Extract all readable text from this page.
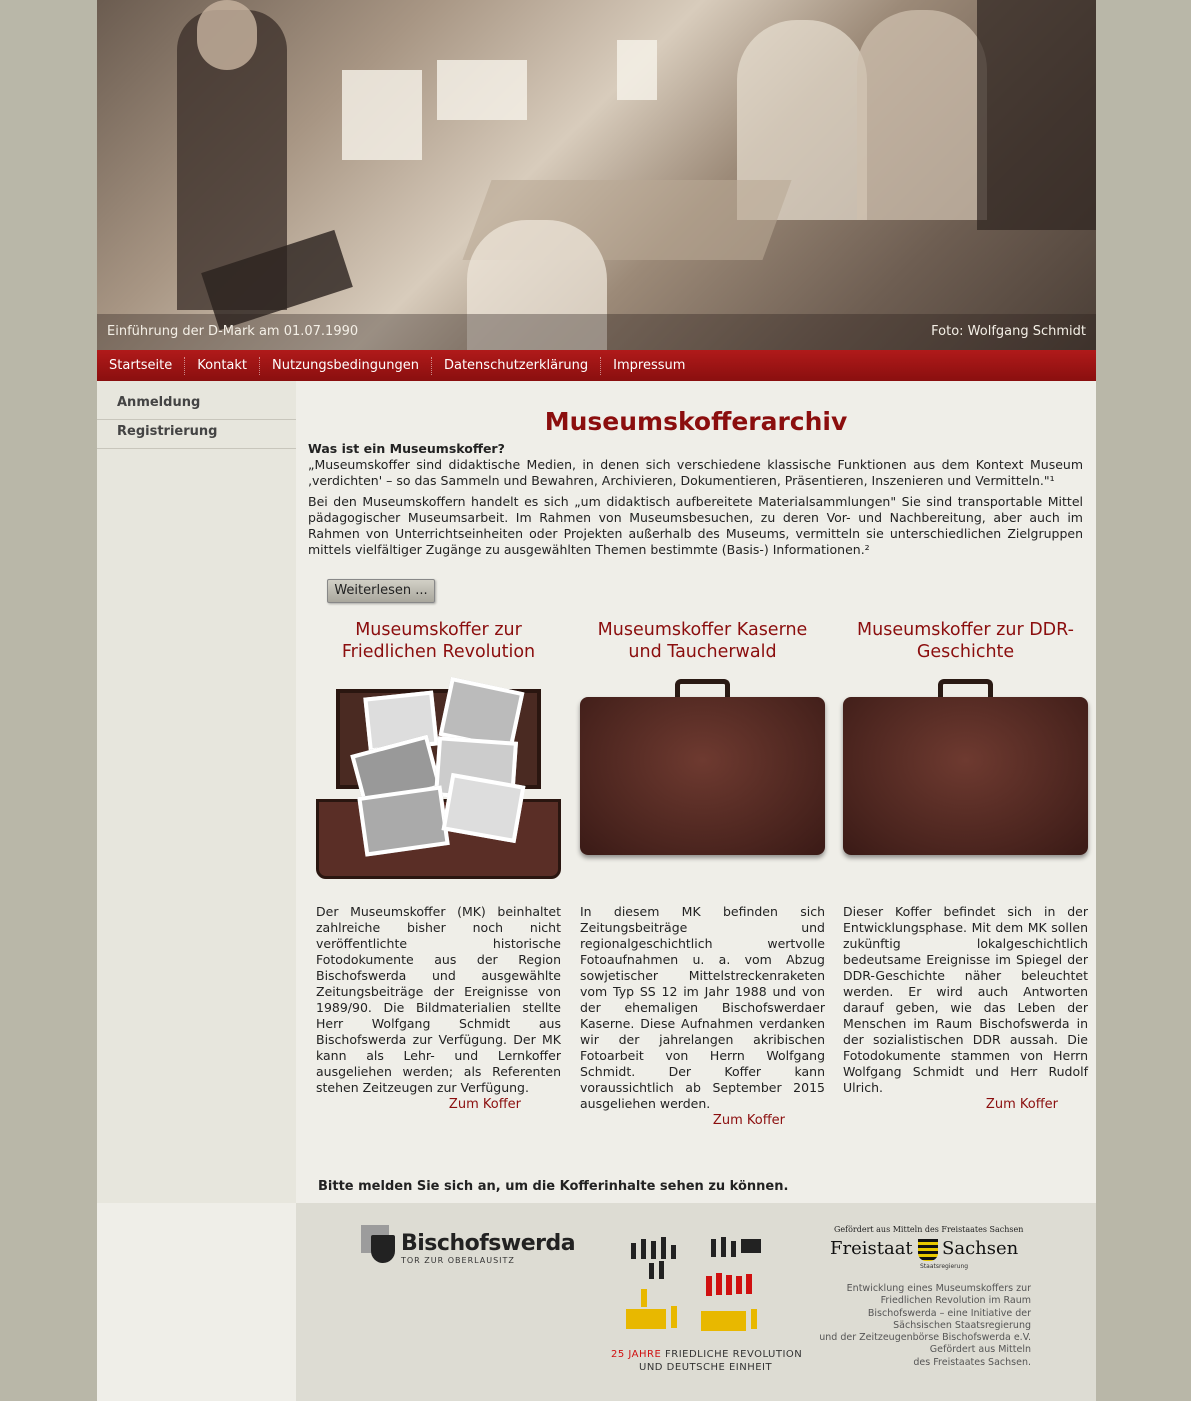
Einführung der D-Mark am 01.07.1990	Foto: Wolfgang Schmidt
Startseite	Kontakt	Nutzungsbedingungen	Datenschutzerklärung	Impressum
Anmeldung
Registrierung	Museumskofferarchiv
Was ist ein Museumskoffer?

„Museumskoffer sind didaktische Medien, in denen sich verschiedene klassische Funktionen aus dem Kontext Museum ‚verdichten' – so das Sammeln und Bewahren, Archivieren, Dokumentieren, Präsentieren, Inszenieren und Vermitteln."¹

Bei den Museumskoffern handelt es sich „um didaktisch aufbereitete Materialsammlungen" Sie sind transportable Mittel pädagogischer Museumsarbeit. Im Rahmen von Museumsbesuchen, zu deren Vor- und Nachbereitung, aber auch im Rahmen von Unterrichtseinheiten oder Projekten außerhalb des Museums, vermitteln sie unterschiedlichen Zielgruppen mittels vielfältiger Zugänge zu ausgewählten Themen bestimmte (Basis-) Informationen.²

Weiterlesen ...
Museumskoffer zur Friedlichen Revolution
Der Museumskoffer (MK) beinhaltet zahlreiche bisher noch nicht veröffentlichte historische Fotodokumente aus der Region Bischofswerda und ausgewählte Zeitungsbeiträge der Ereignisse von 1989/90. Die Bildmaterialien stellte Herr Wolfgang Schmidt aus Bischofswerda zur Verfügung. Der MK kann als Lehr- und Lernkoffer ausgeliehen werden; als Referenten stehen Zeitzeugen zur Verfügung.
Zum Koffer
Museumskoffer Kaserne und Taucherwald
In diesem MK befinden sich Zeitungsbeiträge und regionalgeschichtlich wertvolle Fotoaufnahmen u. a. vom Abzug sowjetischer Mittelstreckenraketen vom Typ SS 12 im Jahr 1988 und von der ehemaligen Bischofswerdaer Kaserne. Diese Aufnahmen verdanken wir der jahrelangen akribischen Fotoarbeit von Herrn Wolfgang Schmidt. Der Koffer kann voraussichtlich ab September 2015 ausgeliehen werden.
Zum Koffer
Museumskoffer zur DDR-Geschichte
Dieser Koffer befindet sich in der Entwicklungsphase. Mit dem MK sollen zukünftig lokalgeschichtlich bedeutsame Ereignisse im Spiegel der DDR-Geschichte näher beleuchtet werden. Er wird auch Antworten darauf geben, wie das Leben der Menschen im Raum Bischofswerda in der sozialistischen DDR aussah. Die Fotodokumente stammen von Herrn Wolfgang Schmidt und Herr Rudolf Ulrich.
Zum Koffer
Bitte melden Sie sich an, um die Kofferinhalte sehen zu können.
Bischofswerda
TOR ZUR OBERLAUSITZ
25 JAHRE FRIEDLICHE REVOLUTION
UND DEUTSCHE EINHEIT
Gefördert aus Mitteln des Freistaates Sachsen
Freistaat Sachsen
Staatsregierung
Entwicklung eines Museumskoffers zur
Friedlichen Revolution im Raum
Bischofswerda – eine Initiative der
Sächsischen Staatsregierung
und der Zeitzeugenbörse Bischofswerda e.V.
Gefördert aus Mitteln
des Freistaates Sachsen.
